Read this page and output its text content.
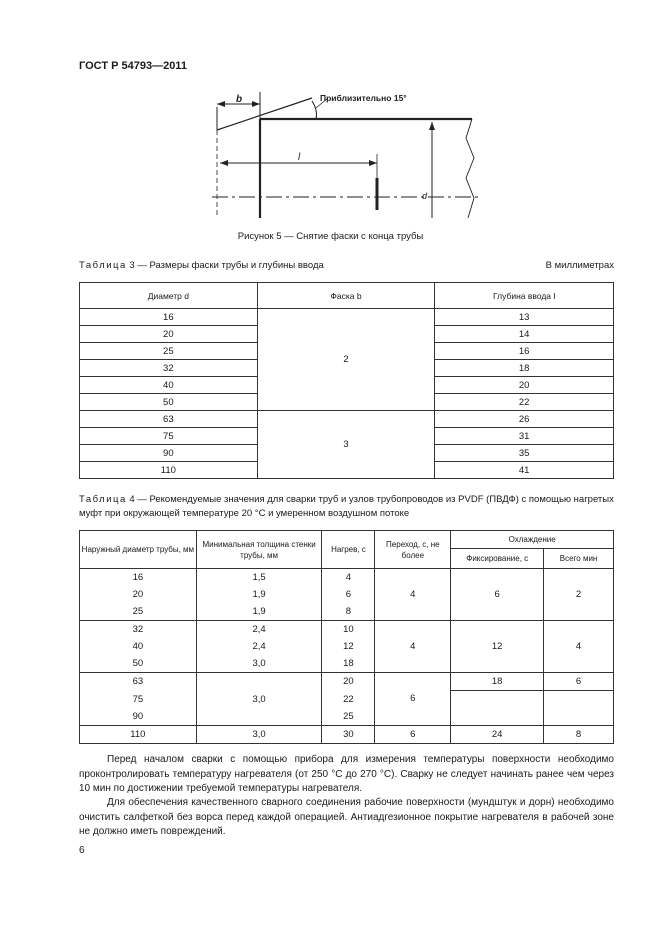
ГОСТ Р 54793—2011
b
l
d
Приблизительно 15°
Рисунок 5 — Снятие фаски с конца трубы
Таблица 3 — Размеры фаски трубы и глубины ввода	В миллиметрах
Диаметр d	Фаска b	Глубина ввода l
16	2	13
20		14
25		16
32		18
40		20
50		22
63	3	26
75		31
90		35
110		41
Таблица 4 — Рекомендуемые значения для сварки труб и узлов трубопроводов из PVDF (ПВДФ) с помощью нагретых муфт при окружающей температуре 20 °С и умеренном воздушном потоке
Наружный диаметр трубы, мм	Минимальная толщина стенки трубы, мм	Нагрев, с	Переход, с, не более	Охлаждение	
				Фиксирование, с	Всего мин
16	1,5	4	4	6	2
20	1,9	6			
25	1,9	8			
32	2,4	10	4	12	4
40	2,4	12			
50	3,0	18			
63		20	6	18	6
75	3,0	22			
90		25			
110	3,0	30	6	24	8
Перед началом сварки с помощью прибора для измерения температуры поверхности необходимо проконтролировать температуру нагревателя (от 250 °С до 270 °С). Сварку не следует начинать ранее чем через 10 мин по достижении требуемой температуры нагревателя.
Для обеспечения качественного сварного соединения рабочие поверхности (мундштук и дорн) необходимо очистить салфеткой без ворса перед каждой операцией. Антиадгезионное покрытие нагревателя в рабочей зоне не должно иметь повреждений.
6
